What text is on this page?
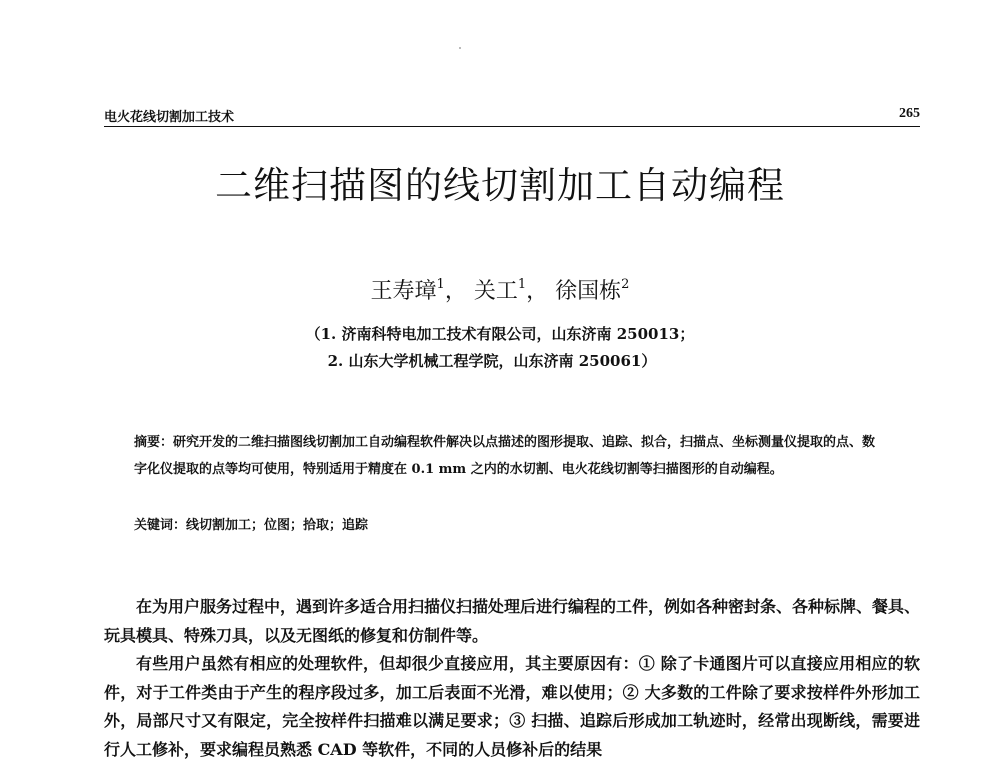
电火花线切割加工技术	265
二维扫描图的线切割加工自动编程
王寿璋$^1$， 关工$^1$， 徐国栋$^2$
（1. 济南科特电加工技术有限公司，山东济南 250013；
2. 山东大学机械工程学院，山东济南 250061）
摘要：研究开发的二维扫描图线切割加工自动编程软件解决以点描述的图形提取、追踪、拟合，扫描点、坐标测量仪提取的点、数字化仪提取的点等均可使用，特别适用于精度在 0.1 mm 之内的水切割、电火花线切割等扫描图形的自动编程。
关键词：线切割加工；位图；拾取；追踪

在为用户服务过程中，遇到许多适合用扫描仪扫描处理后进行编程的工件，例如各种密封条、各种标牌、餐具、玩具模具、特殊刀具，以及无图纸的修复和仿制件等。

有些用户虽然有相应的处理软件，但却很少直接应用，其主要原因有：① 除了卡通图片可以直接应用相应的软件，对于工件类由于产生的程序段过多，加工后表面不光滑，难以使用；② 大多数的工件除了要求按样件外形加工外，局部尺寸又有限定，完全按样件扫描难以满足要求；③ 扫描、追踪后形成加工轨迹时，经常出现断线，需要进行人工修补，要求编程员熟悉 CAD 等软件，不同的人员修补后的结果
